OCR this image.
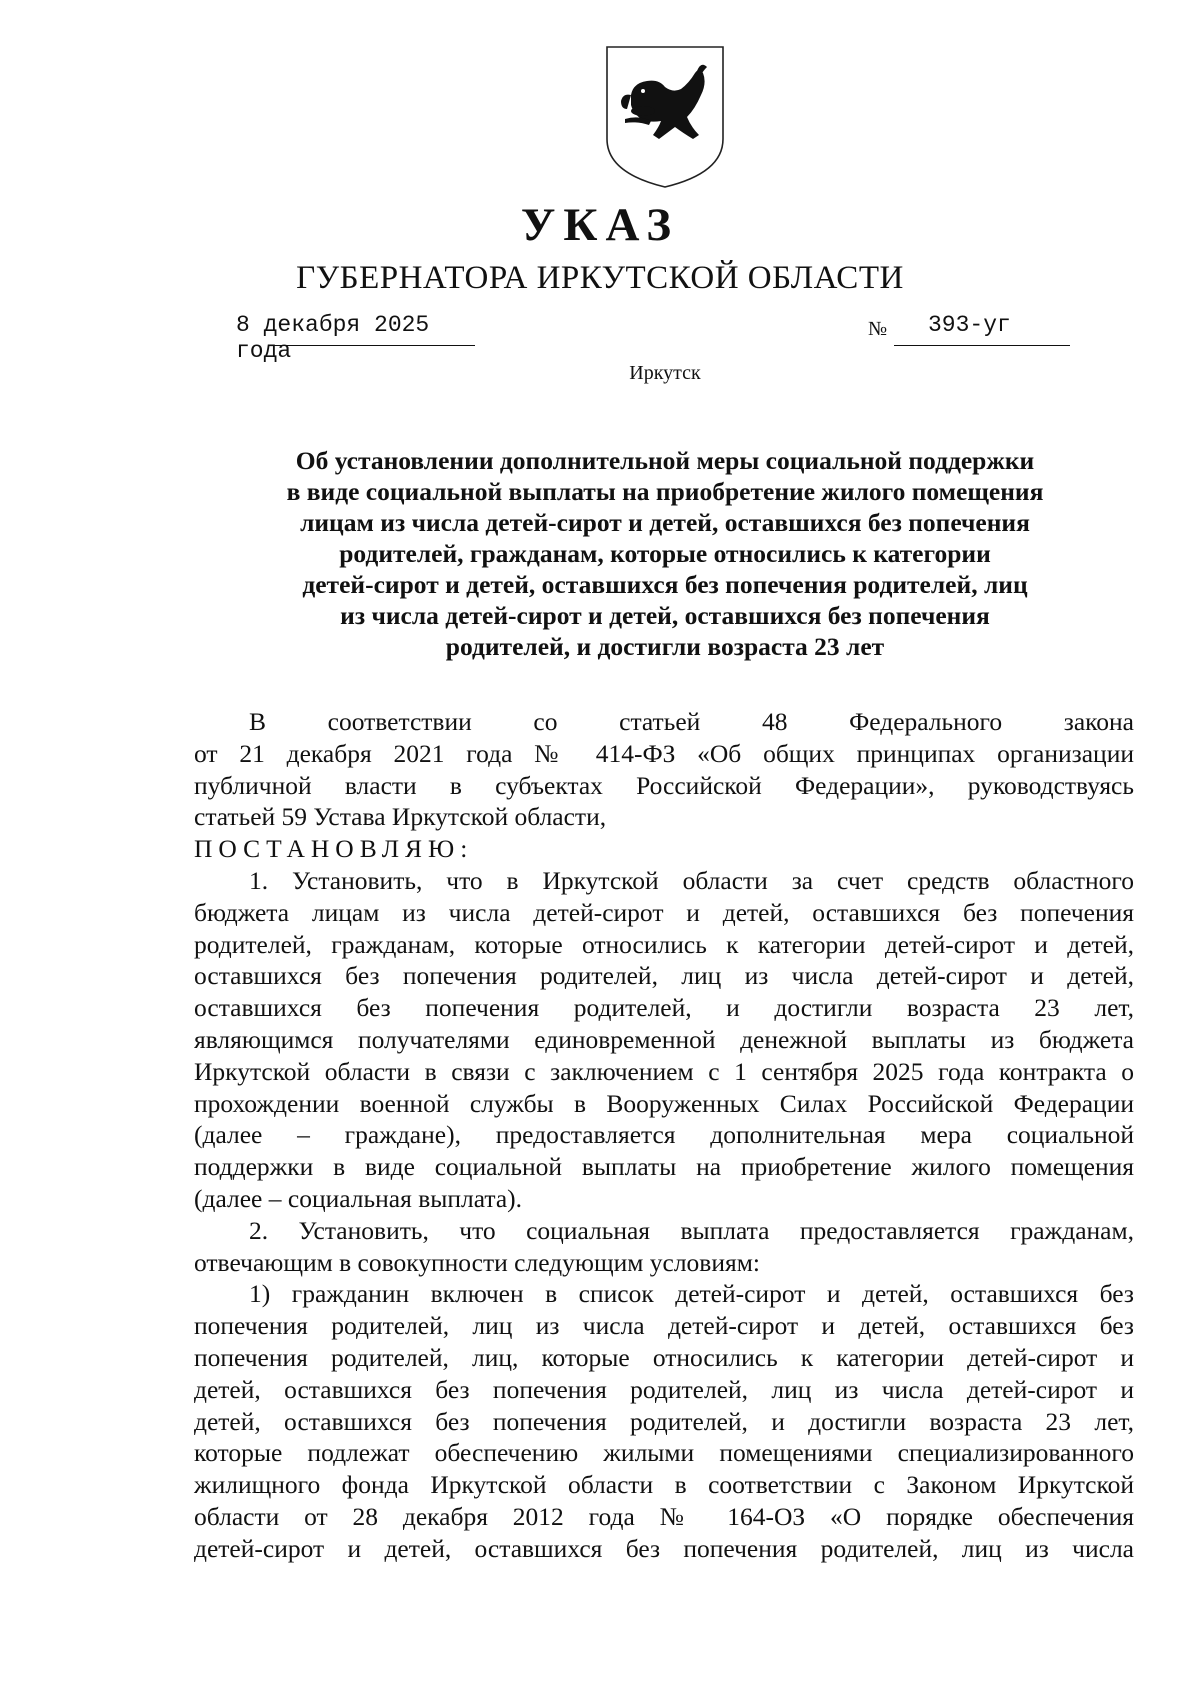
УКАЗ
ГУБЕРНАТОРА ИРКУТСКОЙ ОБЛАСТИ
8 декабря 2025 года
№ 393-уг
Иркутск
Об установлении дополнительной меры социальной поддержки
в виде социальной выплаты на приобретение жилого помещения
лицам из числа детей-сирот и детей, оставшихся без попечения
родителей, гражданам, которые относились к категории
детей-сирот и детей, оставшихся без попечения родителей, лиц
из числа детей-сирот и детей, оставшихся без попечения
родителей, и достигли возраста 23 лет
В соответствии со статьей 48 Федерального закона
от 21 декабря 2021 года № 414-ФЗ «Об общих принципах организации
публичной власти в субъектах Российской Федерации», руководствуясь
статьей 59 Устава Иркутской области,
ПОСТАНОВЛЯЮ:
1. Установить, что в Иркутской области за счет средств областного
бюджета лицам из числа детей-сирот и детей, оставшихся без попечения
родителей, гражданам, которые относились к категории детей-сирот и детей,
оставшихся без попечения родителей, лиц из числа детей-сирот и детей,
оставшихся без попечения родителей, и достигли возраста 23 лет,
являющимся получателями единовременной денежной выплаты из бюджета
Иркутской области в связи с заключением с 1 сентября 2025 года контракта о
прохождении военной службы в Вооруженных Силах Российской Федерации
(далее – граждане), предоставляется дополнительная мера социальной
поддержки в виде социальной выплаты на приобретение жилого помещения
(далее – социальная выплата).
2. Установить, что социальная выплата предоставляется гражданам,
отвечающим в совокупности следующим условиям:
1) гражданин включен в список детей-сирот и детей, оставшихся без
попечения родителей, лиц из числа детей-сирот и детей, оставшихся без
попечения родителей, лиц, которые относились к категории детей-сирот и
детей, оставшихся без попечения родителей, лиц из числа детей-сирот и
детей, оставшихся без попечения родителей, и достигли возраста 23 лет,
которые подлежат обеспечению жилыми помещениями специализированного
жилищного фонда Иркутской области в соответствии с Законом Иркутской
области от 28 декабря 2012 года № 164-ОЗ «О порядке обеспечения
детей-сирот и детей, оставшихся без попечения родителей, лиц из числа
